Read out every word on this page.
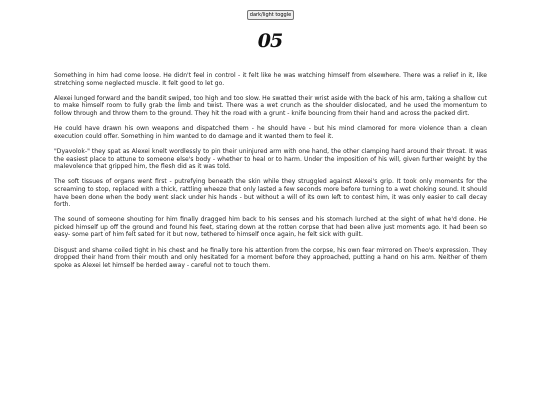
dark/light toggle
05

Something in him had come loose. He didn't feel in control - it felt like he was watching himself from elsewhere. There was a relief in it, like stretching some neglected muscle. It felt good to let go.

Alexei lunged forward and the bandit swiped, too high and too slow. He swatted their wrist aside with the back of his arm, taking a shallow cut to make himself room to fully grab the limb and twist. There was a wet crunch as the shoulder dislocated, and he used the momentum to follow through and throw them to the ground. They hit the road with a grunt - knife bouncing from their hand and across the packed dirt.

He could have drawn his own weapons and dispatched them - he should have - but his mind clamored for more violence than a clean execution could offer. Something in him wanted to do damage and it wanted them to feel it.

"Dyavolok-" they spat as Alexei knelt wordlessly to pin their uninjured arm with one hand, the other clamping hard around their throat. It was the easiest place to attune to someone else's body - whether to heal or to harm. Under the imposition of his will, given further weight by the malevolence that gripped him, the flesh did as it was told.

The soft tissues of organs went first - putrefying beneath the skin while they struggled against Alexei's grip. It took only moments for the screaming to stop, replaced with a thick, rattling wheeze that only lasted a few seconds more before turning to a wet choking sound. It should have been done when the body went slack under his hands - but without a will of its own left to contest him, it was only easier to call decay forth.

The sound of someone shouting for him finally dragged him back to his senses and his stomach lurched at the sight of what he'd done. He picked himself up off the ground and found his feet, staring down at the rotten corpse that had been alive just moments ago. It had been so easy- some part of him felt sated for it but now, tethered to himself once again, he felt sick with guilt.

Disgust and shame coiled tight in his chest and he finally tore his attention from the corpse, his own fear mirrored on Theo's expression. They dropped their hand from their mouth and only hesitated for a moment before they approached, putting a hand on his arm. Neither of them spoke as Alexei let himself be herded away - careful not to touch them.
